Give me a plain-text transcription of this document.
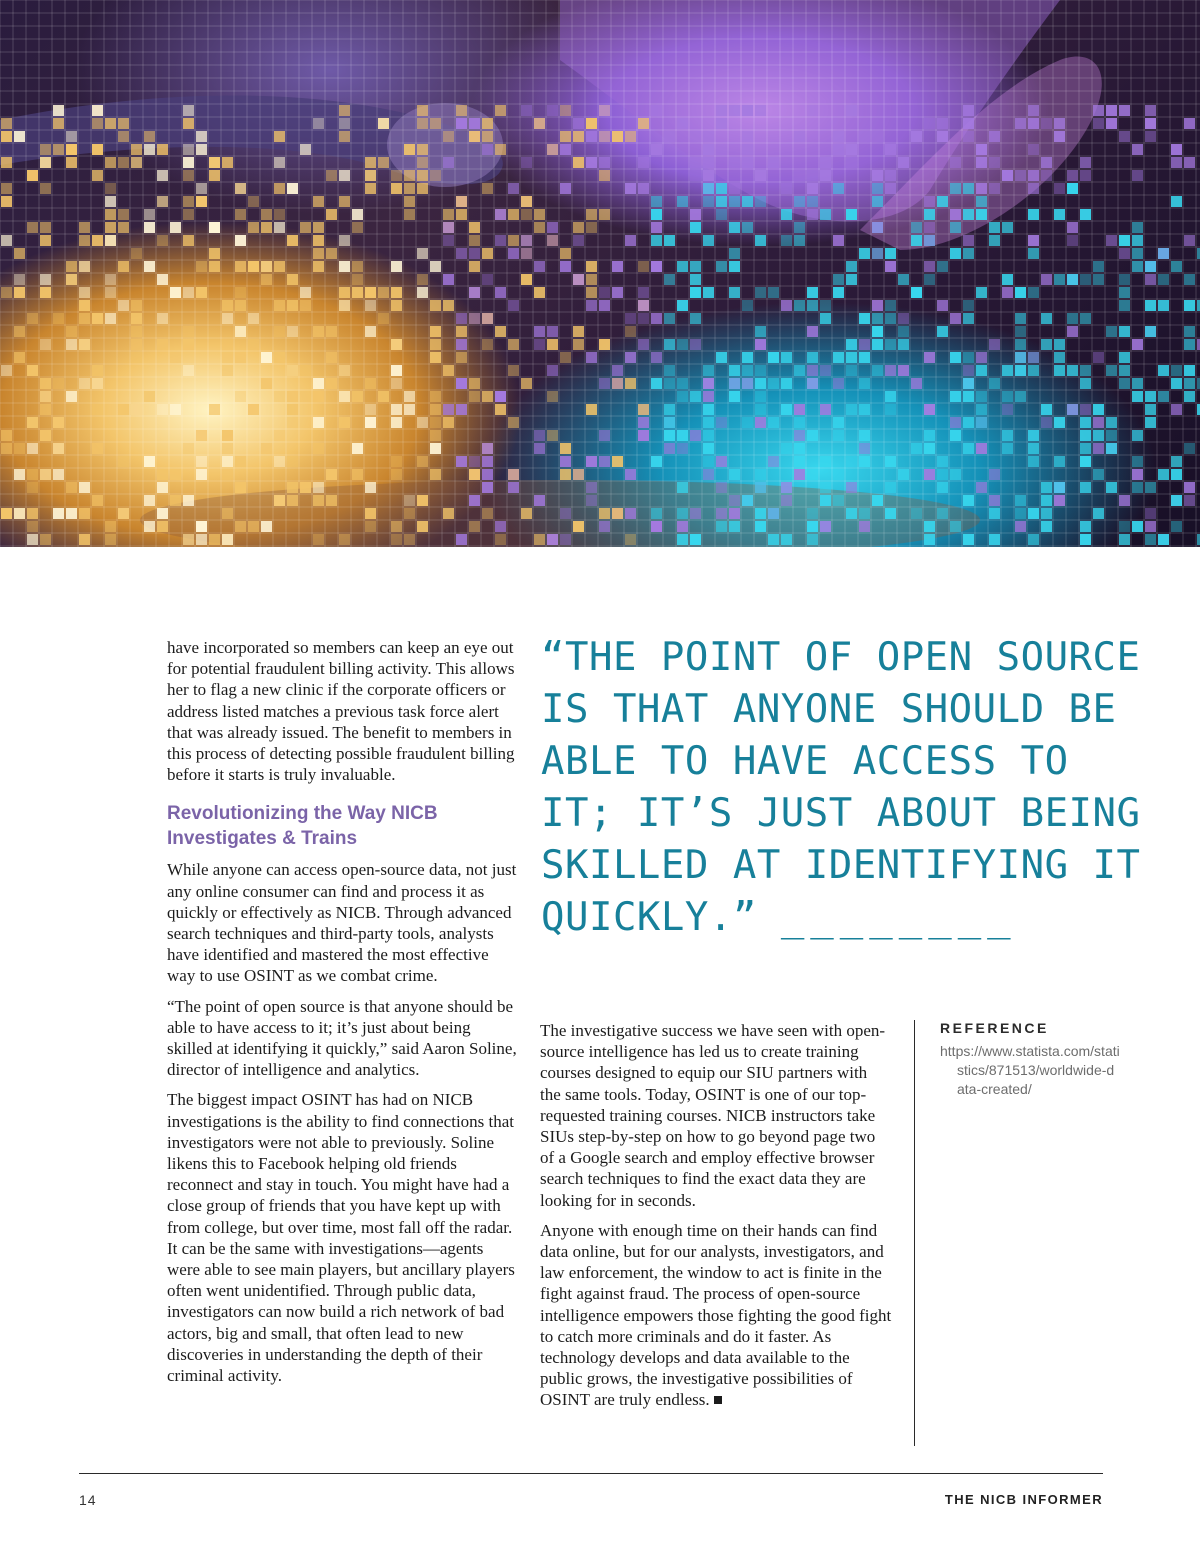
have incorporated so members can keep an eye out for potential fraudulent billing activity. This allows her to flag a new clinic if the corporate officers or address listed matches a previous task force alert that was already issued. The benefit to members in this process of detecting possible fraudulent billing before it starts is truly invaluable.

Revolutionizing the Way NICB Investigates & Trains

While anyone can access open-source data, not just any online consumer can find and process it as quickly or effectively as NICB. Through advanced search techniques and third-party tools, analysts have identified and mastered the most effective way to use OSINT as we combat crime.

“The point of open source is that anyone should be able to have access to it; it’s just about being skilled at identifying it quickly,” said Aaron Soline, director of intelligence and analytics.

The biggest impact OSINT has had on NICB investigations is the ability to find connections that investigators were not able to previously. Soline likens this to Facebook helping old friends reconnect and stay in touch. You might have had a close group of friends that you have kept up with from college, but over time, most fall off the radar. It can be the same with investigations—agents were able to see main players, but ancillary players often went unidentified. Through public data, investigators can now build a rich network of bad actors, big and small, that often lead to new discoveries in understanding the depth of their criminal activity.

“THE POINT OF OPEN SOURCE IS THAT ANYONE SHOULD BE ABLE TO HAVE ACCESS TO IT; IT’S JUST ABOUT BEING SKILLED AT IDENTIFYING IT QUICKLY.” ________

The investigative success we have seen with open-source intelligence has led us to create training courses designed to equip our SIU partners with the same tools. Today, OSINT is one of our top-requested training courses. NICB instructors take SIUs step-by-step on how to go beyond page two of a Google search and employ effective browser search techniques to find the exact data they are looking for in seconds.

Anyone with enough time on their hands can find data online, but for our analysts, investigators, and law enforcement, the window to act is finite in the fight against fraud. The process of open-source intelligence empowers those fighting the good fight to catch more criminals and do it faster. As technology develops and data available to the public grows, the investigative possibilities of OSINT are truly endless.

REFERENCE
https://www.statista.com/statistics/871513/worldwide-data-created/
14	THE NICB INFORMER
